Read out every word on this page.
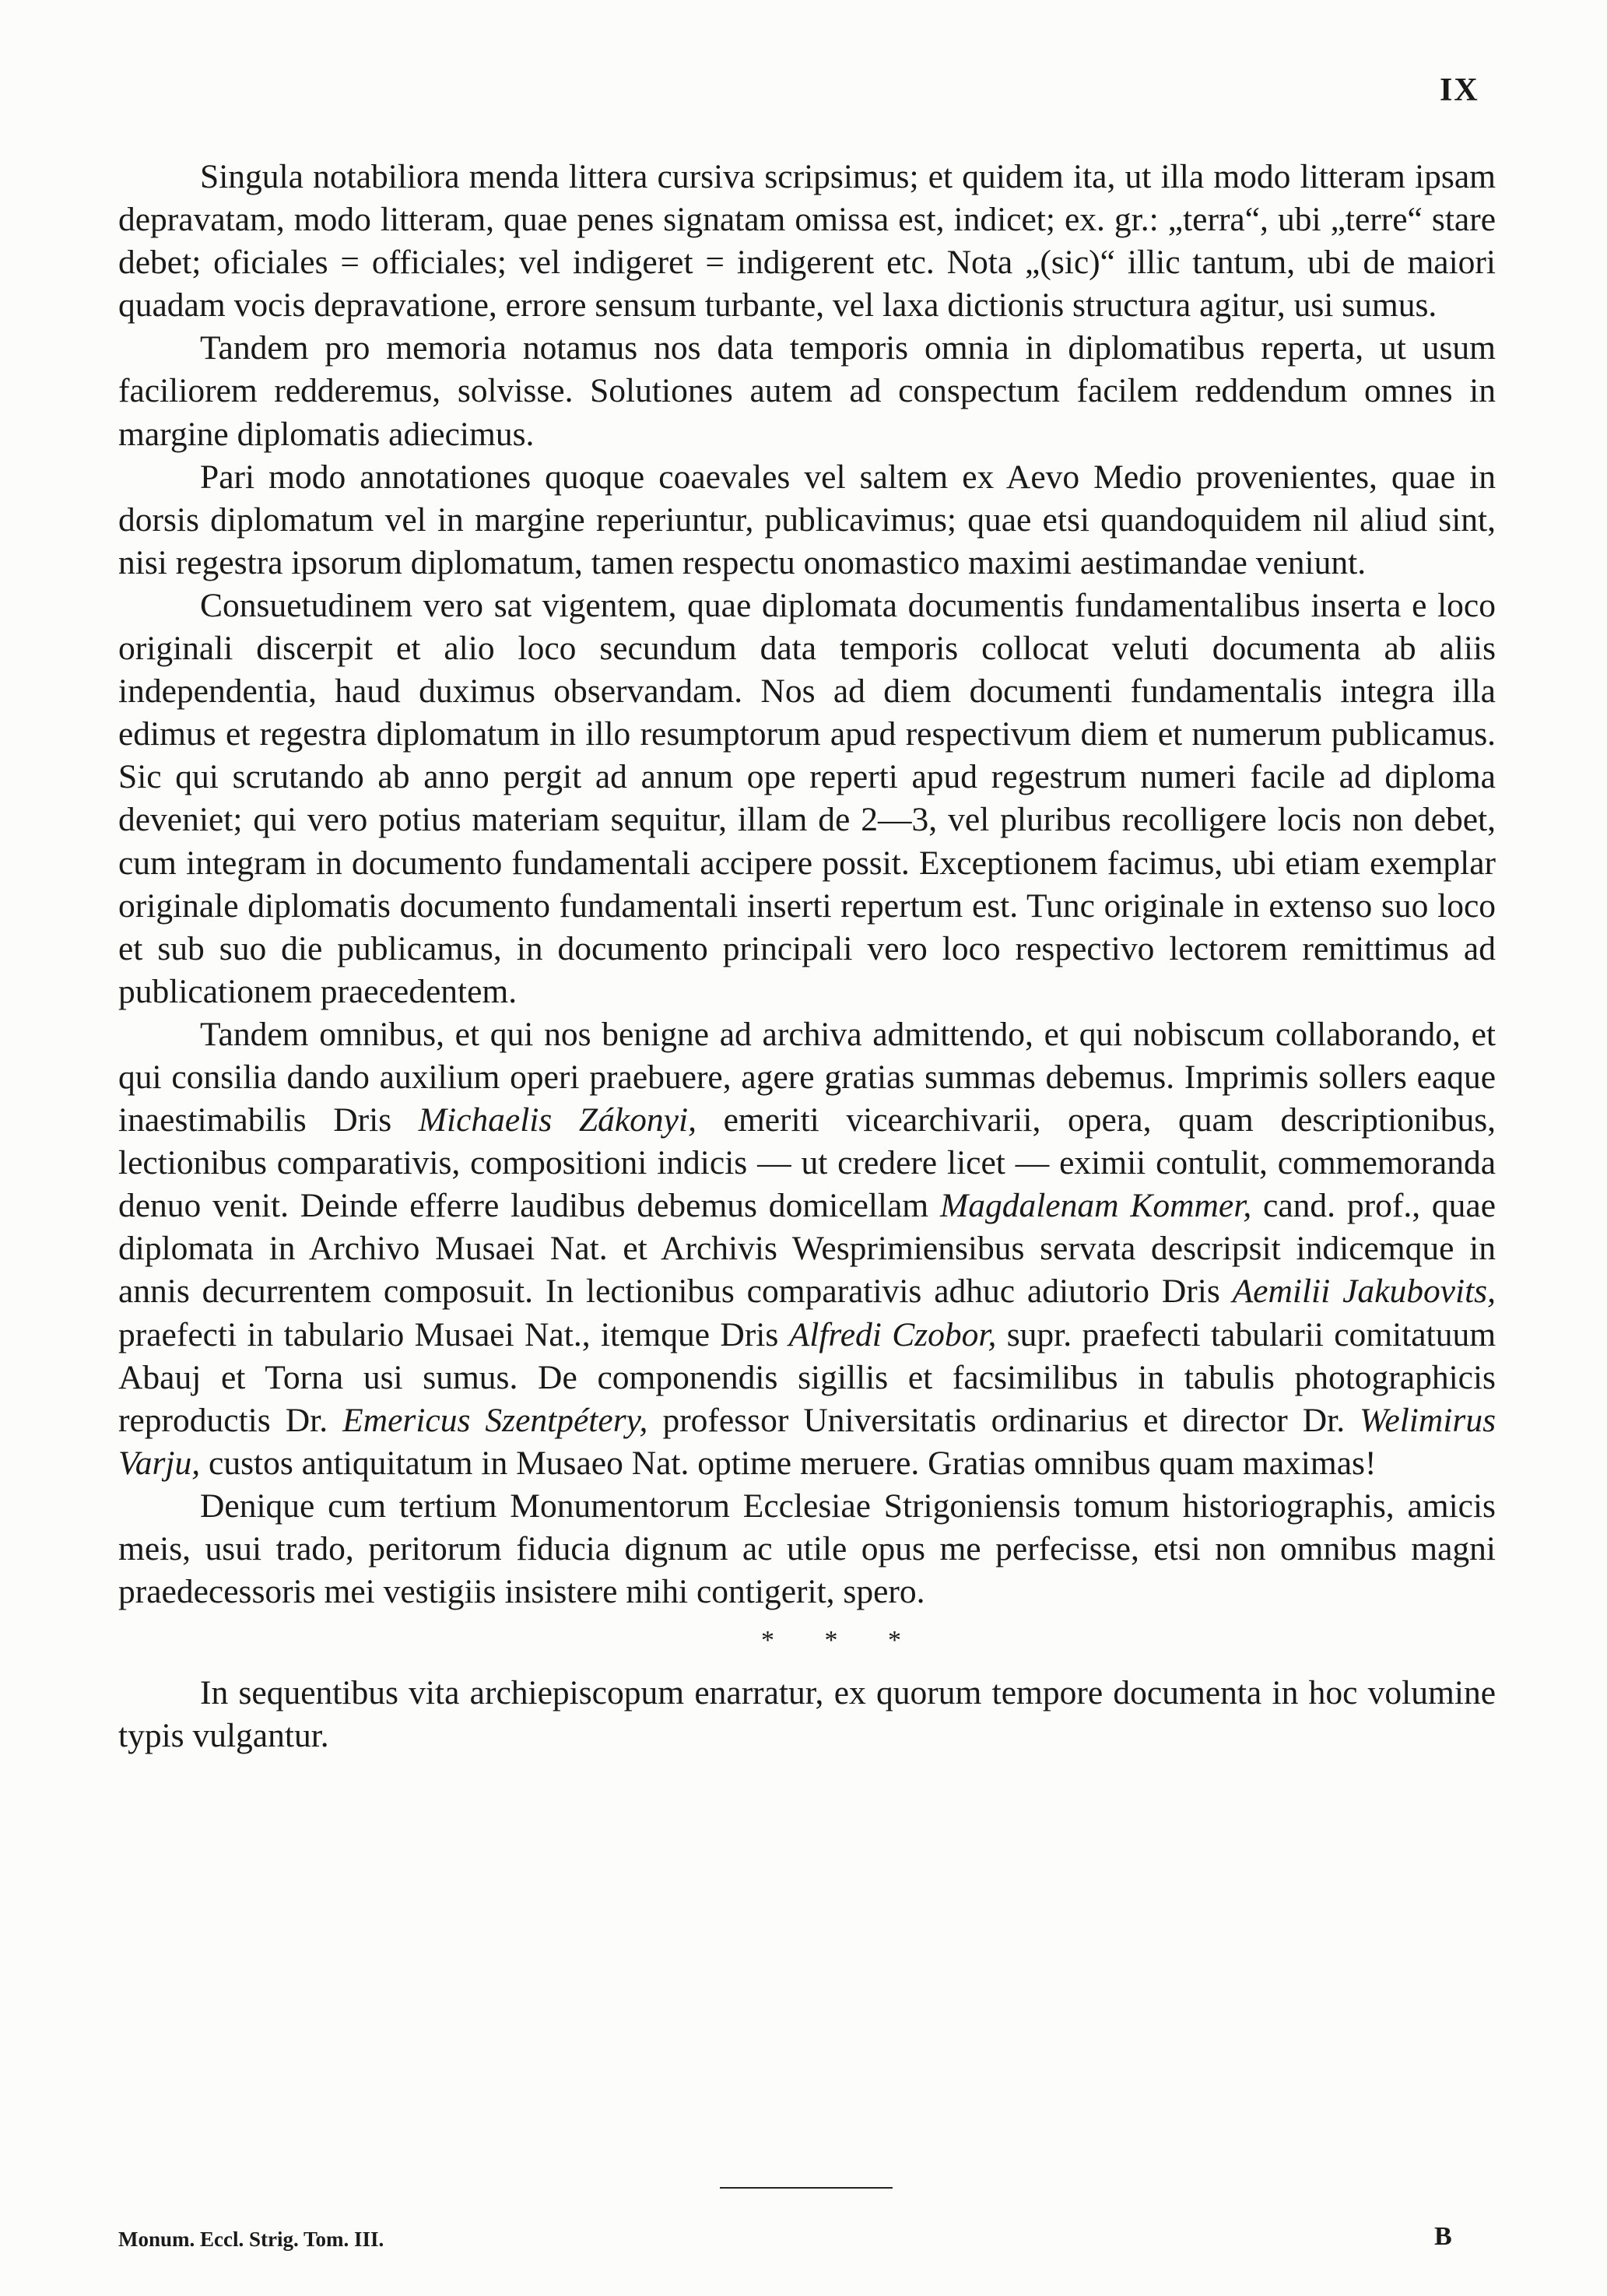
IX

Singula notabiliora menda littera cursiva scripsimus; et quidem ita, ut illa modo litteram ipsam depravatam, modo litteram, quae penes signatam omissa est, indicet; ex. gr.: „terra“, ubi „terre“ stare debet; oficiales = officiales; vel indigeret = indigerent etc. Nota „(sic)“ illic tantum, ubi de maiori quadam vocis depravatione, errore sensum turbante, vel laxa dictionis structura agitur, usi sumus.

Tandem pro memoria notamus nos data temporis omnia in diplomatibus reperta, ut usum faciliorem redderemus, solvisse. Solutiones autem ad conspectum facilem reddendum omnes in margine diplomatis adiecimus.

Pari modo annotationes quoque coaevales vel saltem ex Aevo Medio provenientes, quae in dorsis diplomatum vel in margine reperiuntur, publicavimus; quae etsi quandoquidem nil aliud sint, nisi regestra ipsorum diplomatum, tamen respectu onomastico maximi aestimandae veniunt.

Consuetudinem vero sat vigentem, quae diplomata documentis fundamentalibus inserta e loco originali discerpit et alio loco secundum data temporis collocat veluti documenta ab aliis independentia, haud duximus observandam. Nos ad diem documenti fundamentalis integra illa edimus et regestra diplomatum in illo resumptorum apud respectivum diem et numerum publicamus. Sic qui scrutando ab anno pergit ad annum ope reperti apud regestrum numeri facile ad diploma deveniet; qui vero potius materiam sequitur, illam de 2—3, vel pluribus recolligere locis non debet, cum integram in documento fundamentali accipere possit. Exceptionem facimus, ubi etiam exemplar originale diplomatis documento fundamentali inserti repertum est. Tunc originale in extenso suo loco et sub suo die publicamus, in documento principali vero loco respectivo lectorem remittimus ad publicationem praecedentem.

Tandem omnibus, et qui nos benigne ad archiva admittendo, et qui nobiscum collaborando, et qui consilia dando auxilium operi praebuere, agere gratias summas debemus. Imprimis sollers eaque inaestimabilis Dris Michaelis Zákonyi, emeriti vicearchivarii, opera, quam descriptionibus, lectionibus comparativis, compositioni indicis — ut credere licet — eximii contulit, commemoranda denuo venit. Deinde efferre laudibus debemus domicellam Magdalenam Kommer, cand. prof., quae diplomata in Archivo Musaei Nat. et Archivis Wesprimiensibus servata descripsit indicemque in annis decurrentem composuit. In lectionibus comparativis adhuc adiutorio Dris Aemilii Jakubovits, praefecti in tabulario Musaei Nat., itemque Dris Alfredi Czobor, supr. praefecti tabularii comitatuum Abauj et Torna usi sumus. De componendis sigillis et facsimilibus in tabulis photographicis reproductis Dr. Emericus Szentpétery, professor Universitatis ordinarius et director Dr. Welimirus Varju, custos antiquitatum in Musaeo Nat. optime meruere. Gratias omnibus quam maximas!

Denique cum tertium Monumentorum Ecclesiae Strigoniensis tomum historiographis, amicis meis, usui trado, peritorum fiducia dignum ac utile opus me perfecisse, etsi non omnibus magni praedecessoris mei vestigiis insistere mihi contigerit, spero.

* * *

In sequentibus vita archiepiscopum enarratur, ex quorum tempore documenta in hoc volumine typis vulgantur.

Monum. Eccl. Strig. Tom. III.	B
